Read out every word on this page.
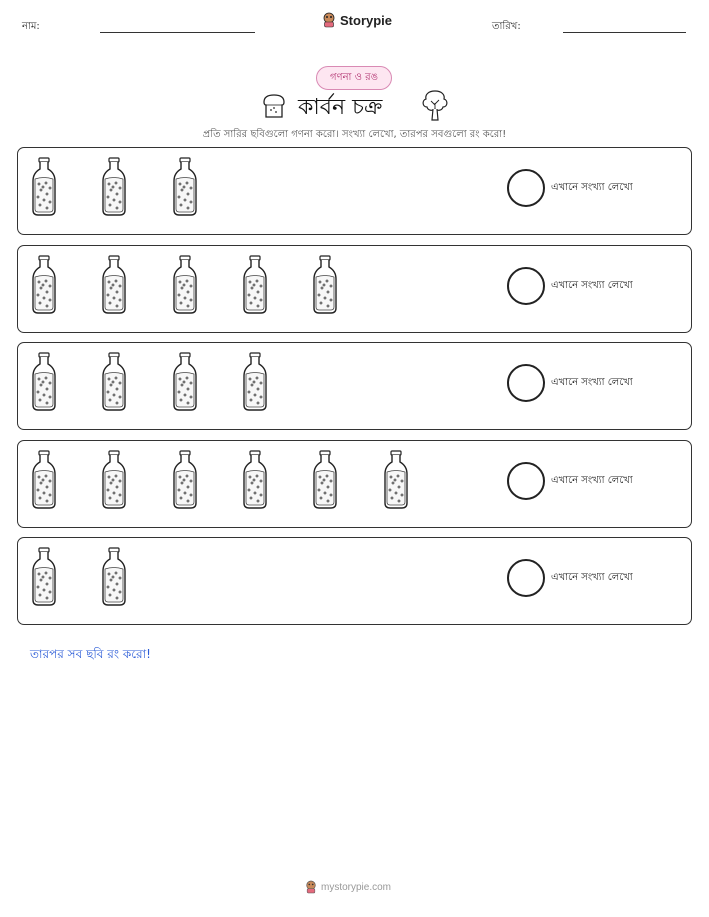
নাম:	Storypie	তারিখ:
গণনা ও রঙ
কার্বন চক্র
প্রতি সারির ছবিগুলো গণনা করো। সংখ্যা লেখো, তারপর সবগুলো রং করো!
এখানে সংখ্যা লেখো
এখানে সংখ্যা লেখো
এখানে সংখ্যা লেখো
এখানে সংখ্যা লেখো
এখানে সংখ্যা লেখো
তারপর সব ছবি রং করো!
mystorypie.com
